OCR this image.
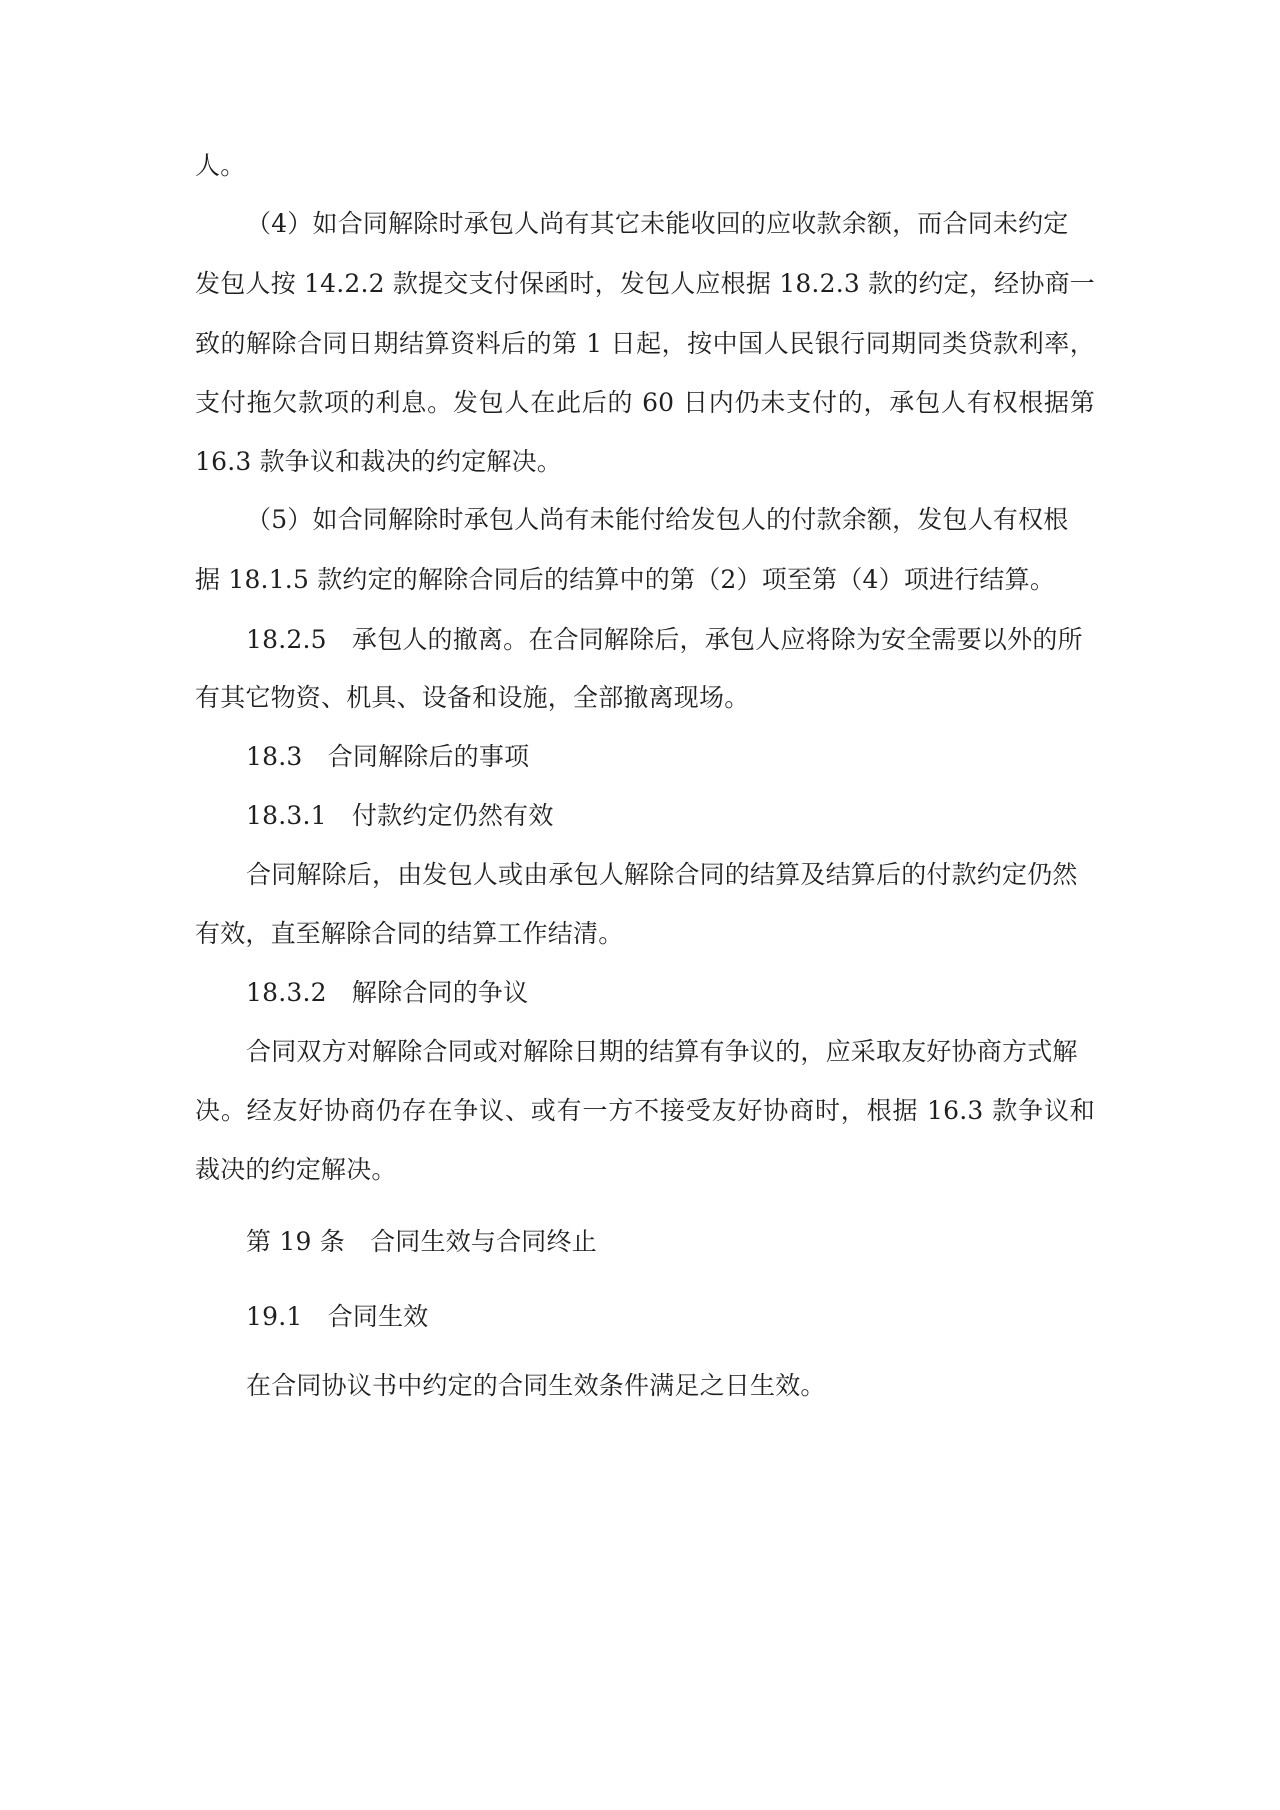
人。
（4）如合同解除时承包人尚有其它未能收回的应收款余额，而合同未约定
发包人按 14.2.2 款提交支付保函时，发包人应根据 18.2.3 款的约定，经协商一
致的解除合同日期结算资料后的第 1 日起，按中国人民银行同期同类贷款利率，
支付拖欠款项的利息。发包人在此后的 60 日内仍未支付的，承包人有权根据第
16.3 款争议和裁决的约定解决。
（5）如合同解除时承包人尚有未能付给发包人的付款余额，发包人有权根
据 18.1.5 款约定的解除合同后的结算中的第（2）项至第（4）项进行结算。
18.2.5　承包人的撤离。在合同解除后，承包人应将除为安全需要以外的所
有其它物资、机具、设备和设施，全部撤离现场。
18.3　合同解除后的事项
18.3.1　付款约定仍然有效
合同解除后，由发包人或由承包人解除合同的结算及结算后的付款约定仍然
有效，直至解除合同的结算工作结清。
18.3.2　解除合同的争议
合同双方对解除合同或对解除日期的结算有争议的，应采取友好协商方式解
决。经友好协商仍存在争议、或有一方不接受友好协商时，根据 16.3 款争议和
裁决的约定解决。
第 19 条　合同生效与合同终止
19.1　合同生效
在合同协议书中约定的合同生效条件满足之日生效。
